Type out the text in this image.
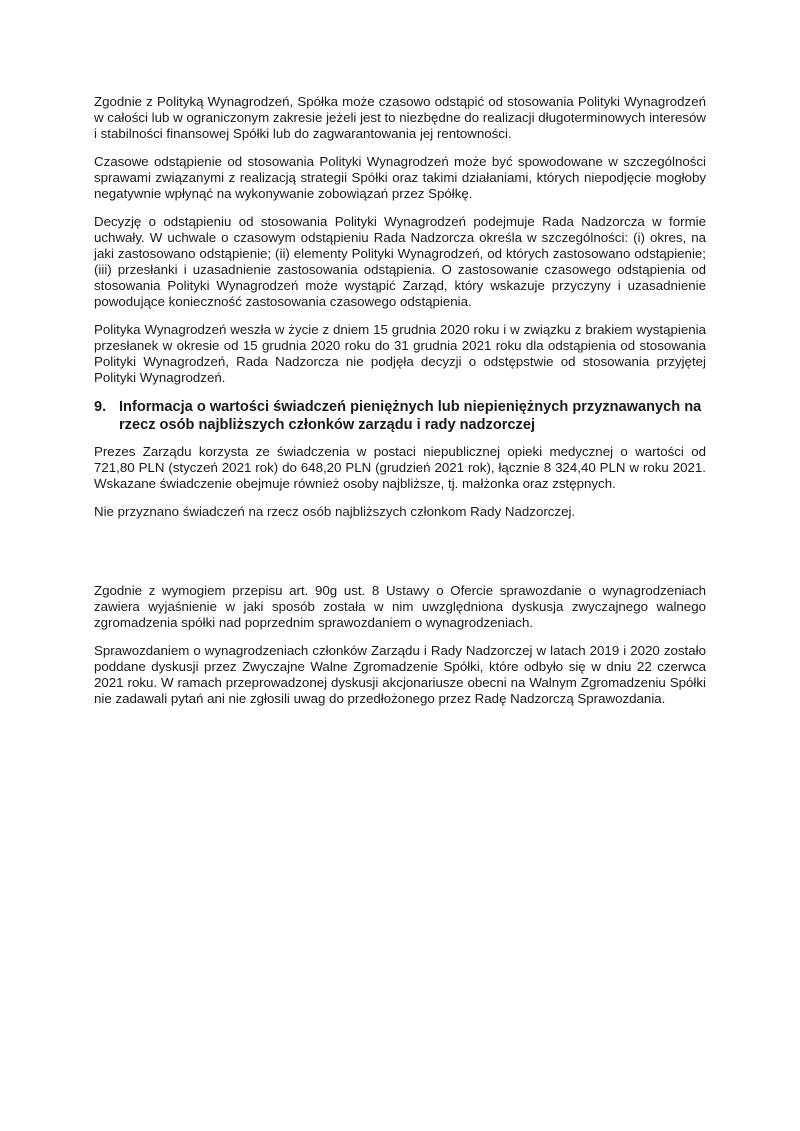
Zgodnie z Polityką Wynagrodzeń, Spółka może czasowo odstąpić od stosowania Polityki Wynagrodzeń w całości lub w ograniczonym zakresie jeżeli jest to niezbędne do realizacji długoterminowych interesów i stabilności finansowej Spółki lub do zagwarantowania jej rentowności.

Czasowe odstąpienie od stosowania Polityki Wynagrodzeń może być spowodowane w szczególności sprawami związanymi z realizacją strategii Spółki oraz takimi działaniami, których niepodjęcie mogłoby negatywnie wpłynąć na wykonywanie zobowiązań przez Spółkę.

Decyzję o odstąpieniu od stosowania Polityki Wynagrodzeń podejmuje Rada Nadzorcza w formie uchwały. W uchwale o czasowym odstąpieniu Rada Nadzorcza określa w szczególności: (i) okres, na jaki zastosowano odstąpienie; (ii) elementy Polityki Wynagrodzeń, od których zastosowano odstąpienie; (iii) przesłanki i uzasadnienie zastosowania odstąpienia. O zastosowanie czasowego odstąpienia od stosowania Polityki Wynagrodzeń może wystąpić Zarząd, który wskazuje przyczyny i uzasadnienie powodujące konieczność zastosowania czasowego odstąpienia.

Polityka Wynagrodzeń weszła w życie z dniem 15 grudnia 2020 roku i w związku z brakiem wystąpienia przesłanek w okresie od 15 grudnia 2020 roku do 31 grudnia 2021 roku dla odstąpienia od stosowania Polityki Wynagrodzeń, Rada Nadzorcza nie podjęła decyzji o odstępstwie od stosowania przyjętej Polityki Wynagrodzeń.

9. Informacja o wartości świadczeń pieniężnych lub niepieniężnych przyznawanych na rzecz osób najbliższych członków zarządu i rady nadzorczej

Prezes Zarządu korzysta ze świadczenia w postaci niepublicznej opieki medycznej o wartości od 721,80 PLN (styczeń 2021 rok) do 648,20 PLN (grudzień 2021 rok), łącznie 8 324,40 PLN w roku 2021. Wskazane świadczenie obejmuje również osoby najbliższe, tj. małżonka oraz zstępnych.

Nie przyznano świadczeń na rzecz osób najbliższych członkom Rady Nadzorczej.

Zgodnie z wymogiem przepisu art. 90g ust. 8 Ustawy o Ofercie sprawozdanie o wynagrodzeniach zawiera wyjaśnienie w jaki sposób została w nim uwzględniona dyskusja zwyczajnego walnego zgromadzenia spółki nad poprzednim sprawozdaniem o wynagrodzeniach.

Sprawozdaniem o wynagrodzeniach członków Zarządu i Rady Nadzorczej w latach 2019 i 2020 zostało poddane dyskusji przez Zwyczajne Walne Zgromadzenie Spółki, które odbyło się w dniu 22 czerwca 2021 roku. W ramach przeprowadzonej dyskusji akcjonariusze obecni na Walnym Zgromadzeniu Spółki nie zadawali pytań ani nie zgłosili uwag do przedłożonego przez Radę Nadzorczą Sprawozdania.
